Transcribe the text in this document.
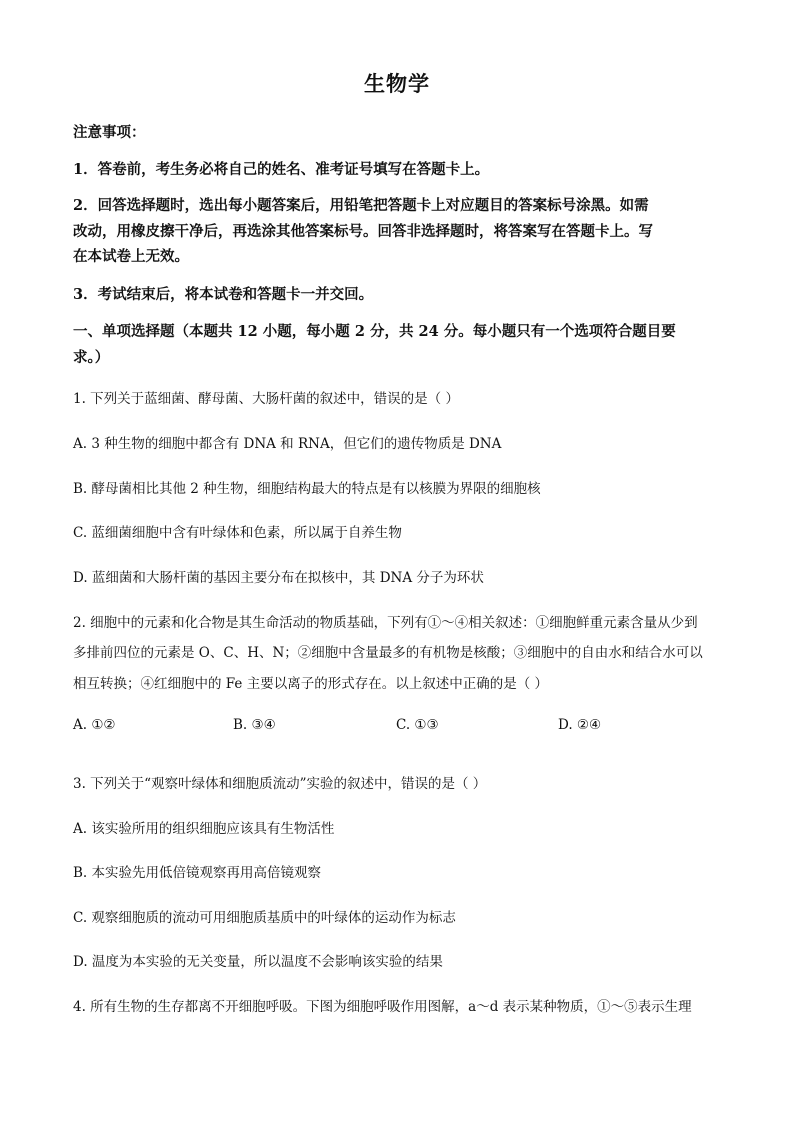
生物学
注意事项：
1．答卷前，考生务必将自己的姓名、准考证号填写在答题卡上。
2．回答选择题时，选出每小题答案后，用铅笔把答题卡上对应题目的答案标号涂黑。如需
改动，用橡皮擦干净后，再选涂其他答案标号。回答非选择题时，将答案写在答题卡上。写
在本试卷上无效。
3．考试结束后，将本试卷和答题卡一并交回。
一、单项选择题（本题共 12 小题，每小题 2 分，共 24 分。每小题只有一个选项符合题目要
求。）
1. 下列关于蓝细菌、酵母菌、大肠杆菌的叙述中，错误的是（ ）
A. 3 种生物的细胞中都含有 DNA 和 RNA，但它们的遗传物质是 DNA
B. 酵母菌相比其他 2 种生物，细胞结构最大的特点是有以核膜为界限的细胞核
C. 蓝细菌细胞中含有叶绿体和色素，所以属于自养生物
D. 蓝细菌和大肠杆菌的基因主要分布在拟核中，其 DNA 分子为环状
2. 细胞中的元素和化合物是其生命活动的物质基础，下列有①～④相关叙述：①细胞鲜重元素含量从少到
多排前四位的元素是 O、C、H、N；②细胞中含量最多的有机物是核酸；③细胞中的自由水和结合水可以
相互转换；④红细胞中的 Fe 主要以离子的形式存在。以上叙述中正确的是（ ）
A. ①②	B. ③④	C. ①③	D. ②④
3. 下列关于“观察叶绿体和细胞质流动”实验的叙述中，错误的是（ ）
A. 该实验所用的组织细胞应该具有生物活性
B. 本实验先用低倍镜观察再用高倍镜观察
C. 观察细胞质的流动可用细胞质基质中的叶绿体的运动作为标志
D. 温度为本实验的无关变量，所以温度不会影响该实验的结果
4. 所有生物的生存都离不开细胞呼吸。下图为细胞呼吸作用图解，a～d 表示某种物质，①～⑤表示生理
